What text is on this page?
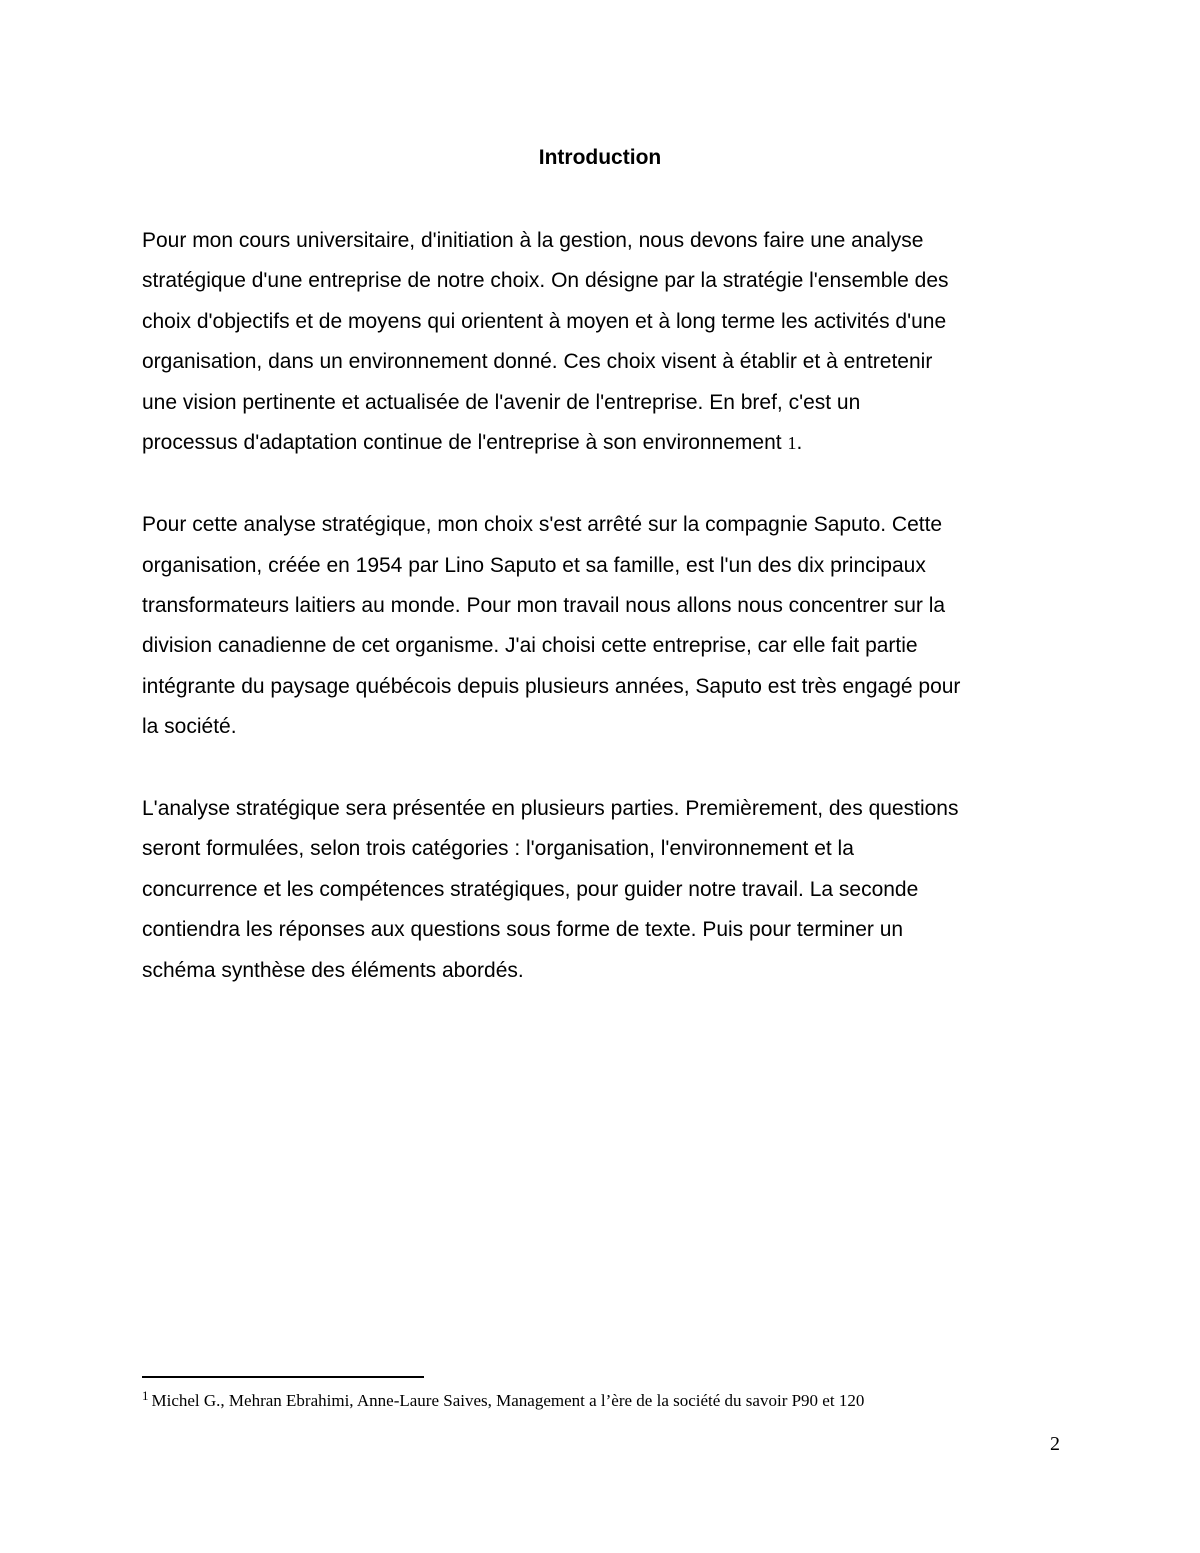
Introduction
Pour mon cours universitaire, d'initiation à la gestion, nous devons faire une analyse
stratégique d'une entreprise de notre choix. On désigne par la stratégie l'ensemble des
choix d'objectifs et de moyens qui orientent à moyen et à long terme les activités d'une
organisation, dans un environnement donné. Ces choix visent à établir et à entretenir
une vision pertinente et actualisée de l'avenir de l'entreprise. En bref, c'est un
processus d'adaptation continue de l'entreprise à son environnement 1.
Pour cette analyse stratégique, mon choix s'est arrêté sur la compagnie Saputo. Cette
organisation, créée en 1954 par Lino Saputo et sa famille, est l'un des dix principaux
transformateurs laitiers au monde. Pour mon travail nous allons nous concentrer sur la
division canadienne de cet organisme. J'ai choisi cette entreprise, car elle fait partie
intégrante du paysage québécois depuis plusieurs années, Saputo est très engagé pour
la société.
L'analyse stratégique sera présentée en plusieurs parties. Premièrement, des questions
seront formulées, selon trois catégories : l'organisation, l'environnement et la
concurrence et les compétences stratégiques, pour guider notre travail. La seconde
contiendra les réponses aux questions sous forme de texte. Puis pour terminer un
schéma synthèse des éléments abordés.
$^1$ Michel G., Mehran Ebrahimi, Anne-Laure Saives, Management a l’ère de la société du savoir P90 et 120
2
